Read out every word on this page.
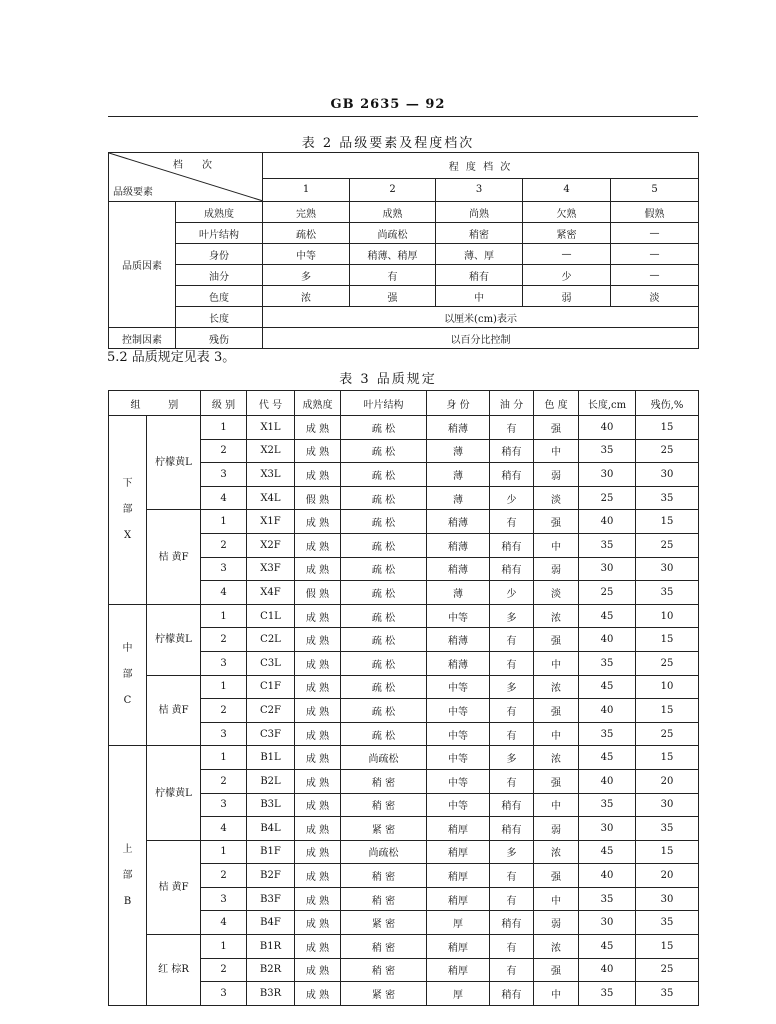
GB 2635 — 92
表 2 品级要素及程度档次
档 次
品级要素		程 度 档 次				
		1	2	3	4	5
品质因素	成熟度	完熟	成熟	尚熟	欠熟	假熟
	叶片结构	疏松	尚疏松	稍密	紧密	—
	身份	中等	稍薄、稍厚	薄、厚	—	—
	油分	多	有	稍有	少	—
	色度	浓	强	中	弱	淡
	长度	以厘米(cm)表示				
控制因素	残伤	以百分比控制				
5.2 品质规定见表 3。
表 3 品质规定
组	别	级 别	代 号	成熟度	叶片结构	身 份	油 分	色 度	长度,cm	残伤,%
下部X	柠檬黄L	1	X1L	成 熟	疏 松	稍薄	有	强	40	15
		2	X2L	成 熟	疏 松	薄	稍有	中	35	25
		3	X3L	成 熟	疏 松	薄	稍有	弱	30	30
		4	X4L	假 熟	疏 松	薄	少	淡	25	35
	桔 黄F	1	X1F	成 熟	疏 松	稍薄	有	强	40	15
		2	X2F	成 熟	疏 松	稍薄	稍有	中	35	25
		3	X3F	成 熟	疏 松	稍薄	稍有	弱	30	30
		4	X4F	假 熟	疏 松	薄	少	淡	25	35
中部C	柠檬黄L	1	C1L	成 熟	疏 松	中等	多	浓	45	10
		2	C2L	成 熟	疏 松	稍薄	有	强	40	15
		3	C3L	成 熟	疏 松	稍薄	有	中	35	25
	桔 黄F	1	C1F	成 熟	疏 松	中等	多	浓	45	10
		2	C2F	成 熟	疏 松	中等	有	强	40	15
		3	C3F	成 熟	疏 松	中等	有	中	35	25
上部B	柠檬黄L	1	B1L	成 熟	尚疏松	中等	多	浓	45	15
		2	B2L	成 熟	稍 密	中等	有	强	40	20
		3	B3L	成 熟	稍 密	中等	稍有	中	35	30
		4	B4L	成 熟	紧 密	稍厚	稍有	弱	30	35
	桔 黄F	1	B1F	成 熟	尚疏松	稍厚	多	浓	45	15
		2	B2F	成 熟	稍 密	稍厚	有	强	40	20
		3	B3F	成 熟	稍 密	稍厚	有	中	35	30
		4	B4F	成 熟	紧 密	厚	稍有	弱	30	35
	红 棕R	1	B1R	成 熟	稍 密	稍厚	有	浓	45	15
		2	B2R	成 熟	稍 密	稍厚	有	强	40	25
		3	B3R	成 熟	紧 密	厚	稍有	中	35	35
